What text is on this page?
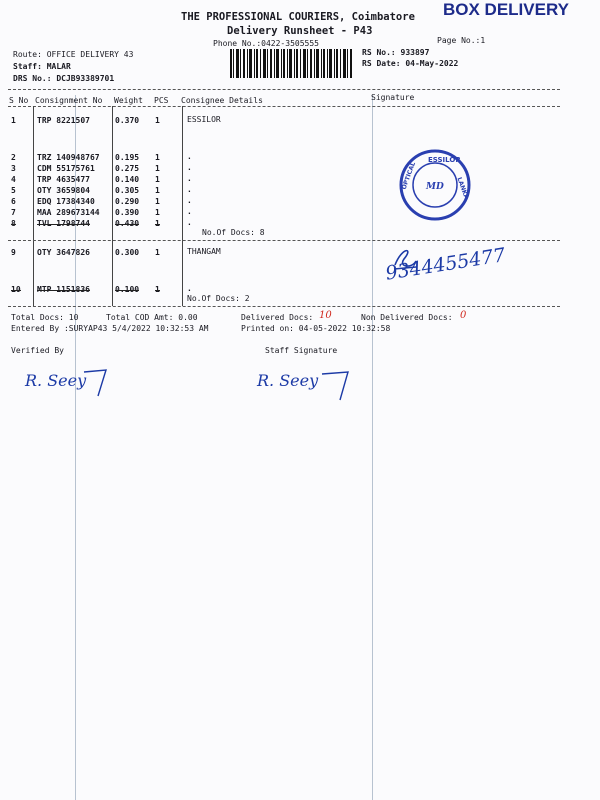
THE PROFESSIONAL COURIERS, Coimbatore
Delivery Runsheet - P43
Phone No.:0422-3505555
BOX DELIVERY
Page No.:1
Route: OFFICE DELIVERY 43
Staff: MALAR
DRS No.: DCJB93389701
RS No.: 933897
RS Date: 04-May-2022
S No Consignment No Weight PCS Consignee Details	Signature
1	TRP 8221507	0.370 1	ESSILOR
2	TRZ 140948767 0.195 1	.
3	CDM 55175761	0.275 1	.
4	TRP 4635477	0.140 1	.
5	OTY 3659804	0.305 1	.
6	EDQ 17384340	0.290 1	.
7	MAA 289673144 0.390 1	.
8	TVL 1798744	0.430 1	.
No.Of Docs: 8
9	OTY 3647826	0.300 1	THANGAM
10 MTP 1151836	0.100 1	.
No.Of Docs: 2
ESSILOR
OPTICAL	LANKA
MD
9344455477
Total Docs: 10	Total COD Amt: 0.00	Delivered Docs: 10	Non Delivered Docs: 0
Entered By :SURYAP43 5/4/2022 10:32:53 AM	Printed on: 04-05-2022 10:32:58
Verified By	Staff Signature
R. Seey	R. Seey
